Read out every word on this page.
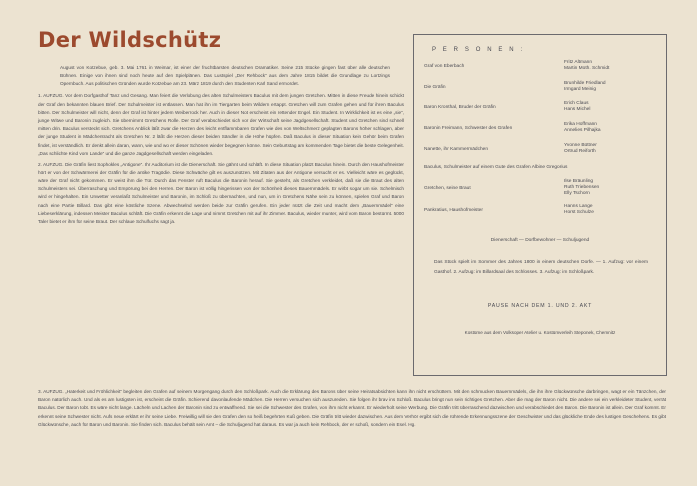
Der Wildschütz

August von Kotzebue, geb. 3. Mai 1761 in Weimar, ist einer der fruchtbarsten deutschen Dramatiker. Seine 215 Stücke gingen fast über alle deutschen Bühnen. Einige von ihnen sind noch heute auf den Spielplänen. Das Lustspiel „Der Rehbock“ aus dem Jahre 1815 bildet die Grundlage zu Lortzings Opernbuch. Aus politischen Gründen wurde Kotzebue am 23. März 1819 durch den Studenten Karl Sand ermordet.

1. AUFZUG. Vor dem Dorfgasthof Tanz und Gesang. Man feiert die Verlobung des alten Schulmeisters Baculus mit dem jungen Gretchen. Mitten in diese Freude hinein schickt der Graf den bekannten blauen Brief. Der Schulmeister ist entlassen. Man hat ihn im Tiergarten beim Wildern ertappt. Gretchen will zum Grafen gehen und für ihren Baculus bitten. Der Schulmeister will nicht, denn der Graf ist hinter jedem Weiberrock her. Auch in dieser Not erscheint ein rettender Engel. Ein Student. In Wirklichkeit ist es eine „sie“, junge Witwe und Baronin zugleich. Sie übernimmt Gretchens Rolle. Der Graf verabschiedet sich vor der Wirtschaft seine Jagdgesellschaft. Student und Gretchen sind schnell mitten drin. Baculus versteckt sich. Gretchens Anblick läßt zwar die Herzen des leicht entflammbaren Grafen wie des von Weltschmerz geplagten Barons höher schlagen, aber der junge Student in Mädchentracht als Gretchen Nr. 2 läßt die Herzen dieser beiden Sändler in die Höhe hüpfen. Daß Baculus in dieser Situation kein Gehör beim Grafen findet, ist verständlich. Er denkt allein daran, wann, wie und wo er dieser Schönen wieder begegnen könne. Sein Geburtstag am kommenden Tage bietet die beste Gelegenheit. „Das schlichte Kind vom Lande“ und die ganze Jagdgesellschaft werden eingeladen.

2. AUFZUG. Die Gräfin liest Sophokles „Antigone“. Ihr Auditorium ist die Dienerschaft. Sie gähnt und schläft. In diese Situation platzt Baculus hinein. Durch den Haushofmeister hört er von der Schwärmerei der Gräfin für die antike Tragödie. Diese Schwäche gilt es auszunützen. Mit Zitaten aus der Antigone versucht er es. Vielleicht wäre es geglückt, wäre der Graf nicht gekommen. Er weist ihm die Tür. Durch das Fenster ruft Baculus die Baronin herauf. Sie gesteht, als Gretchen verkleidet, daß sie die Braut des alten Schulmeisters sei. Überraschung und Empörung bei den Herren. Der Baron ist völlig hingerissen von der Schönheit dieses Bauernmädels. Er wirbt sogar um sie. Schelmisch wird er hingehalten. Ein Unwetter veranlaßt Schulmeister und Baronin, im Schloß zu übernachten, und nun, um in Gretchens Nähe sein zu können, spielen Graf und Baron nach eine Partie Billard. Das gibt eine köstliche Szene. Abwechselnd werden beide zur Gräfin gerufen. Ein jeder nützt die Zeit und macht dem „Bauernmädel“ eine Liebeserklärung, indessen Meister Baculus schläft. Die Gräfin erkennt die Lage und nimmt Gretchen mit auf ihr Zimmer. Baculus, wieder munter, wird vom Baron bestürmt. 5000 Taler bietet er ihm für seine Braut. Der schlaue Schulfuchs sagt ja.

3. AUFZUG. „Haterkeit und Fröhlichkeit“ begleiten den Grafen auf seinem Morgengang durch den Schloßpark. Auch die Erklärung des Barons über seine Heiratsabsichten kann ihn nicht erschüttern. Mit den schmucken Bauernmädels, die ihn ihre Glückwünsche darbringen, wagt er ein Tänzchen, der Baron natürlich auch. Und als es am lustigsten ist, erscheint die Gräfin. Schierend davonlaufende Mädchen. Die Herren versuchen sich auszureden. Sie folgen ihr brav ins Schloß. Baculus bringt nun sein richtiges Gretchen. Aber die mag der Baron nicht. Die andere sei ein verkleideter Student, verrät Baculus. Der Baron tobt. Es wäre nicht lange. Lächeln und Lachen der Baronin sind zu entwaffnend. Sie sei die Schwester des Grafen, von ihm nicht erkannt. Er wiederholt seine Werbung. Die Gräfin tritt überraschend dazwischen und verabschiedet den Baron. Die Baronin ist allein. Der Graf kommt. Er erkennt seine Schwester nicht. Aufs neue erklärt er ihr seine Liebe. Freiwillig will sie den Grafen den so heiß begehrten Kuß geben. Die Gräfin tritt wieder dazwischen. Aus dem Verhör ergibt sich die rührende Erkennungsszene der Geschwister und das glückliche Ende des lustigen Geschehens. Es gibt Glückwünsche, auch für Baron und Baronin. Sie finden sich. Baculus behält sein Amt – die Schulјugend hat daraus. Es war ja auch kein Rehbock, der er schoß, sondern ein Esel. Hg.

P E R S O N E N :
Graf von Eberbach
Fritz Altmann
Martin Moth. Schmidt
Die Gräfin
Brunhilde Friedland
Irmgard Meinig
Baron Kronthal, Bruder der Gräfin
Erich Claus
Hans Michel
Baronin Freimann, Schwester des Grafen
Erika Hoffmann
Annelies Pilhajka
Nanette, ihr Kammermädchen
Yvonne Büttner
Ortrud Reiforth
Baculus, Schulmeister auf einem Gute des Grafen Albine Gregorius
Gretchen, seine Braut
Ilse Bräunling
Ruth Triebensen
Elly Tschorn
Pankratius, Haushofmeister
Hanns Lange
Horst Schulze
Dienerschaft — Dorfbewohner — Schuljugend
Das Stück spielt im Sommer des Jahres 1800 in einem deutschen Dorfe. — 1. Aufzug: vor einem Gasthof. 2. Aufzug: im Billardsaal des Schlosses. 3. Aufzug: im Schloßpark.
PAUSE NACH DEM 1. UND 2. AKT
Kostüme aus dem Volksoper Atelier u. Kostümverleih Steponek, Chemnitz
